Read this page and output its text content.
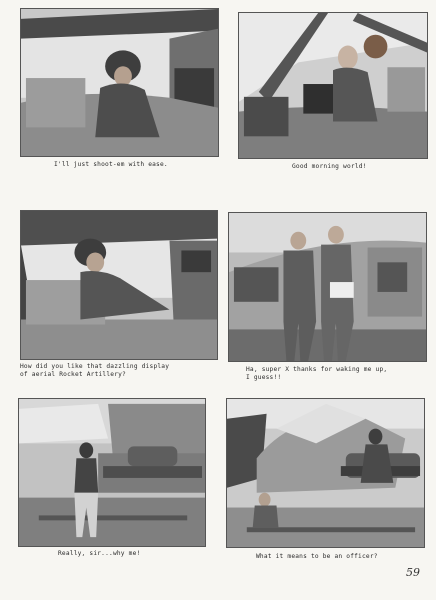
I'll just shoot-em with ease.	Good morning world!
How did you like that dazzling display
of aerial Rocket Artillery?
Ha, super X thanks for waking me up,
I guess!!
Really, sir...why me!	What it means to be an officer?
59
